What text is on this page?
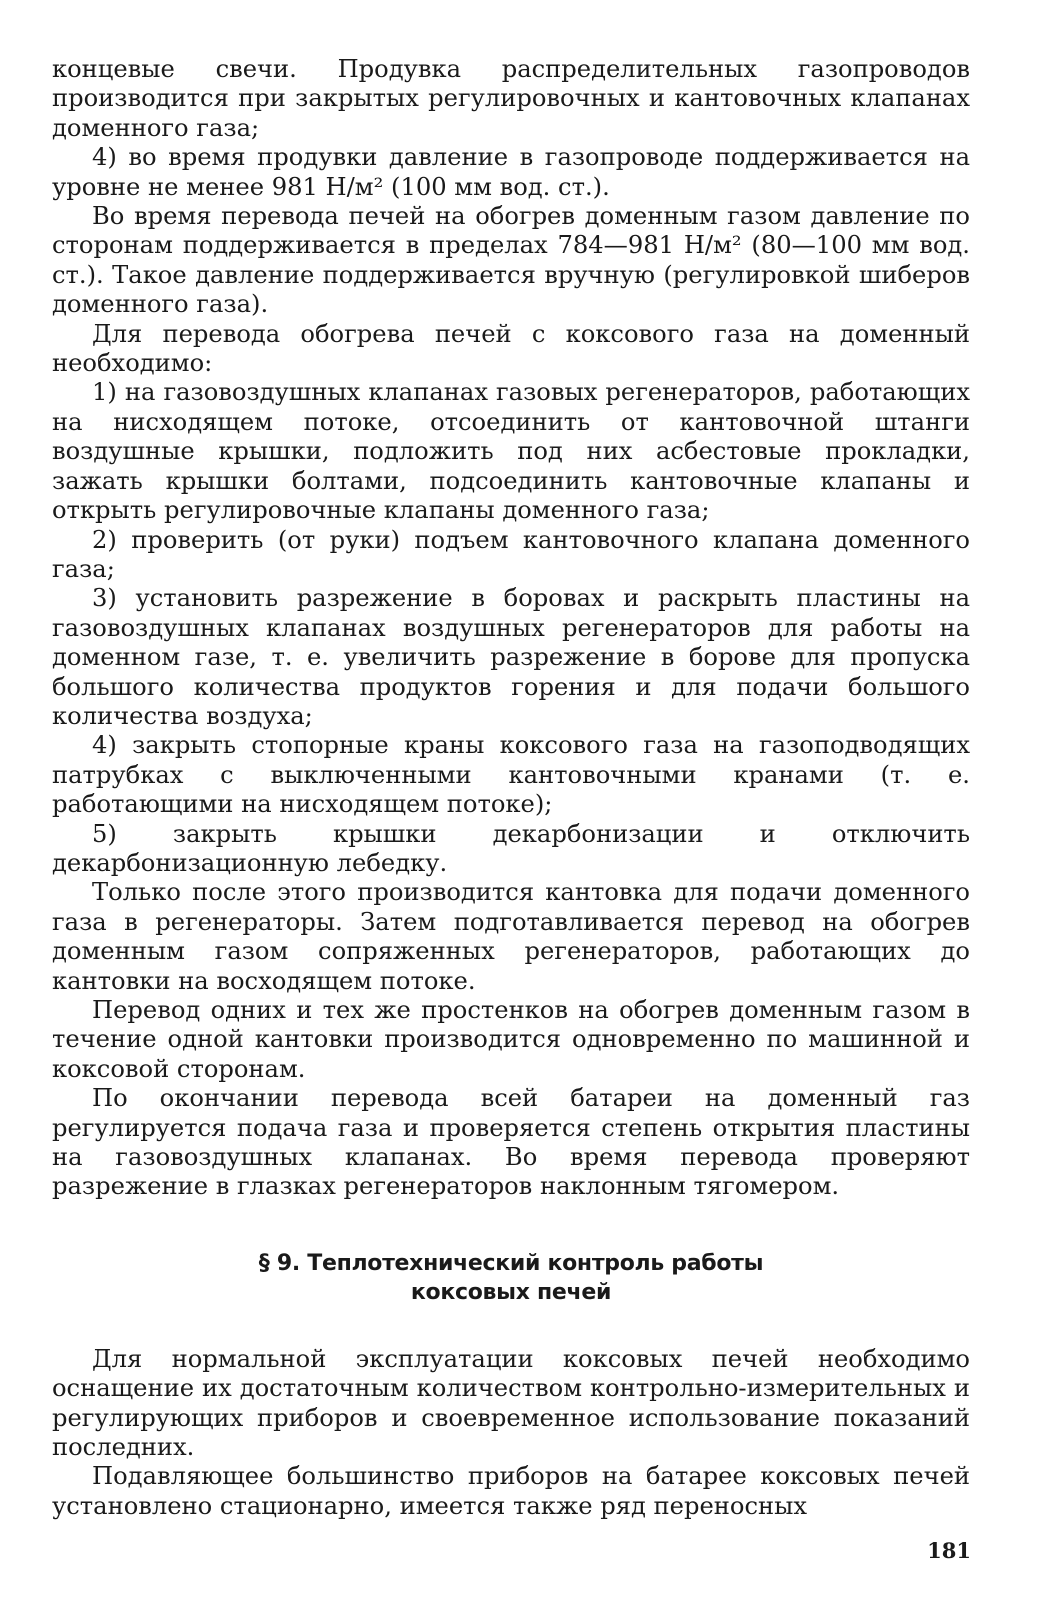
концевые свечи. Продувка распределительных газопроводов производится при закрытых регулировочных и кантовочных клапанах доменного газа;

4) во время продувки давление в газопроводе поддерживается на уровне не менее 981 Н/м² (100 мм вод. ст.).

Во время перевода печей на обогрев доменным газом давление по сторонам поддерживается в пределах 784—981 Н/м² (80—100 мм вод. ст.). Такое давление поддерживается вручную (регулировкой шиберов доменного газа).

Для перевода обогрева печей с коксового газа на доменный необходимо:

1) на газовоздушных клапанах газовых регенераторов, работающих на нисходящем потоке, отсоединить от кантовочной штанги воздушные крышки, подложить под них асбестовые прокладки, зажать крышки болтами, подсоединить кантовочные клапаны и открыть регулировочные клапаны доменного газа;

2) проверить (от руки) подъем кантовочного клапана доменного газа;

3) установить разрежение в боровах и раскрыть пластины на газовоздушных клапанах воздушных регенераторов для работы на доменном газе, т. е. увеличить разрежение в борове для пропуска большого количества продуктов горения и для подачи большого количества воздуха;

4) закрыть стопорные краны коксового газа на газоподводящих патрубках с выключенными кантовочными кранами (т. е. работающими на нисходящем потоке);

5) закрыть крышки декарбонизации и отключить декарбонизационную лебедку.

Только после этого производится кантовка для подачи доменного газа в регенераторы. Затем подготавливается перевод на обогрев доменным газом сопряженных регенераторов, работающих до кантовки на восходящем потоке.

Перевод одних и тех же простенков на обогрев доменным газом в течение одной кантовки производится одновременно по машинной и коксовой сторонам.

По окончании перевода всей батареи на доменный газ регулируется подача газа и проверяется степень открытия пластины на газовоздушных клапанах. Во время перевода проверяют разрежение в глазках регенераторов наклонным тягомером.

§ 9. Теплотехнический контроль работы
коксовых печей

Для нормальной эксплуатации коксовых печей необходимо оснащение их достаточным количеством контрольно-измерительных и регулирующих приборов и своевременное использование показаний последних.

Подавляющее большинство приборов на батарее коксовых печей установлено стационарно, имеется также ряд переносных

181
